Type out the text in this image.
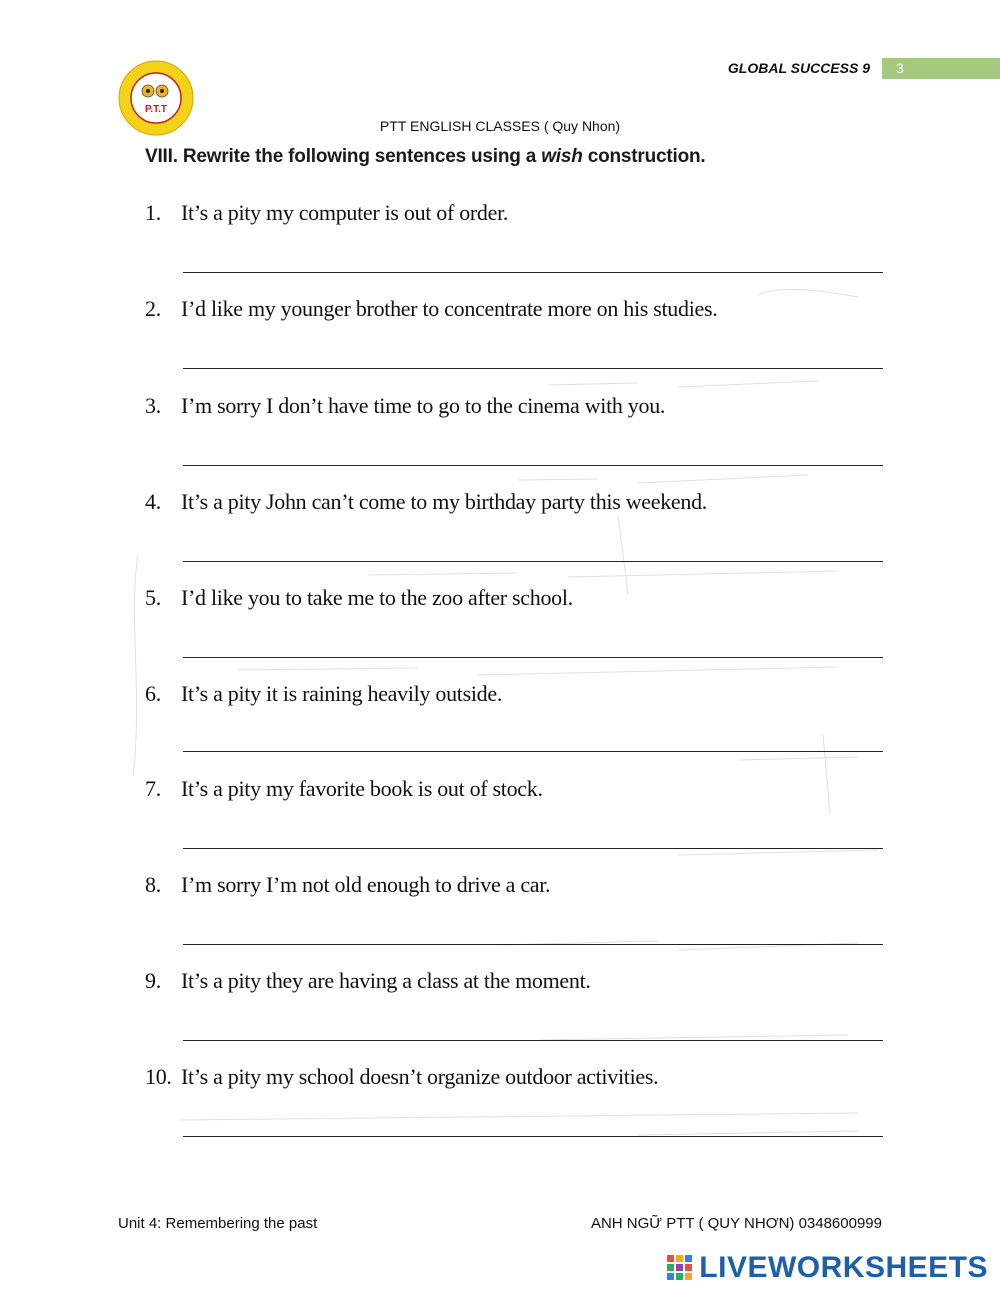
GLOBAL SUCCESS 9	3
P.T.T
PTT ENGLISH CLASSES ( Quy Nhon)
VIII. Rewrite the following sentences using a wish construction.
1. It’s a pity my computer is out of order.
2. I’d like my younger brother to concentrate more on his studies.
3. I’m sorry I don’t have time to go to the cinema with you.
4. It’s a pity John can’t come to my birthday party this weekend.
5. I’d like you to take me to the zoo after school.
6. It’s a pity it is raining heavily outside.
7. It’s a pity my favorite book is out of stock.
8. I’m sorry I’m not old enough to drive a car.
9. It’s a pity they are having a class at the moment.
10. It’s a pity my school doesn’t organize outdoor activities.
Unit 4: Remembering the past	ANH NGỮ PTT ( QUY NHƠN) 0348600999
LIVEWORKSHEETS
